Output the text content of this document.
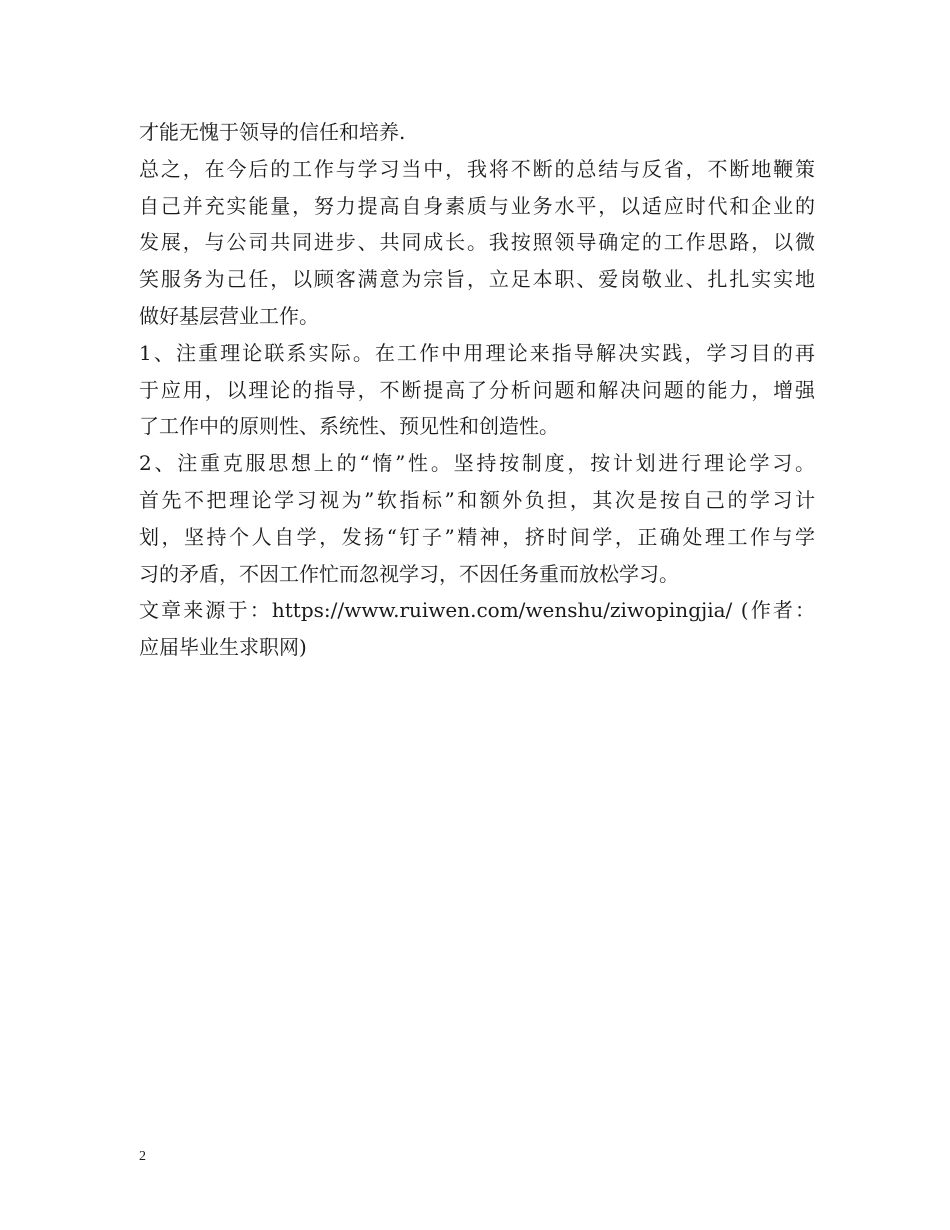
才能无愧于领导的信任和培养.
总之，在今后的工作与学习当中，我将不断的总结与反省，不断地鞭策
自己并充实能量，努力提高自身素质与业务水平，以适应时代和企业的
发展，与公司共同进步、共同成长。我按照领导确定的工作思路，以微
笑服务为己任，以顾客满意为宗旨，立足本职、爱岗敬业、扎扎实实地
做好基层营业工作。
1、注重理论联系实际。在工作中用理论来指导解决实践，学习目的再
于应用，以理论的指导，不断提高了分析问题和解决问题的能力，增强
了工作中的原则性、系统性、预见性和创造性。
2、注重克服思想上的“惰”性。坚持按制度，按计划进行理论学习。
首先不把理论学习视为”软指标”和额外负担，其次是按自己的学习计
划，坚持个人自学，发扬“钉子”精神，挤时间学，正确处理工作与学
习的矛盾，不因工作忙而忽视学习，不因任务重而放松学习。
文章来源于：https://www.ruiwen.com/wenshu/ziwopingjia/ (作者：
应届毕业生求职网)
2
